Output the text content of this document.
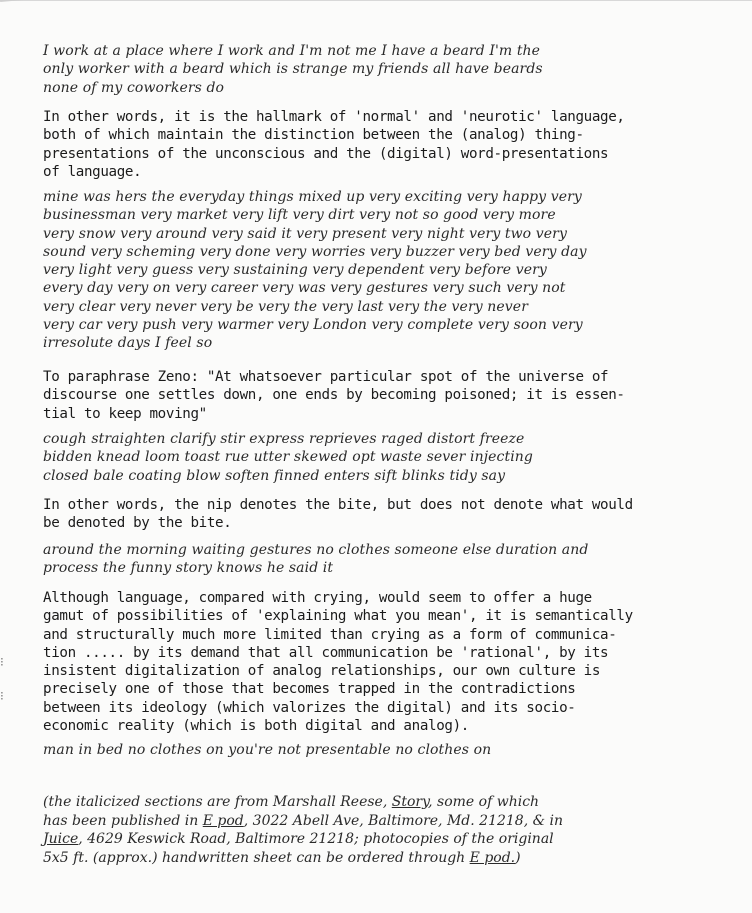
I work at a place where I work and I'm not me I have a beard I'm the
only worker with a beard which is strange my friends all have beards
none of my coworkers do
In other words, it is the hallmark of 'normal' and 'neurotic' language,
both of which maintain the distinction between the (analog) thing-
presentations of the unconscious and the (digital) word-presentations
of language.
mine was hers the everyday things mixed up very exciting very happy very
businessman very market very lift very dirt very not so good very more
very snow very around very said it very present very night very two very
sound very scheming very done very worries very buzzer very bed very day
very light very guess very sustaining very dependent very before very
every day very on very career very was very gestures very such very not
very clear very never very be very the very last very the very never
very car very push very warmer very London very complete very soon very
irresolute days I feel so
To paraphrase Zeno: "At whatsoever particular spot of the universe of
discourse one settles down, one ends by becoming poisoned; it is essen-
tial to keep moving"
cough straighten clarify stir express reprieves raged distort freeze
bidden knead loom toast rue utter skewed opt waste sever injecting
closed bale coating blow soften finned enters sift blinks tidy say
In other words, the nip denotes the bite, but does not denote what would
be denoted by the bite.
around the morning waiting gestures no clothes someone else duration and
process the funny story knows he said it
Although language, compared with crying, would seem to offer a huge
gamut of possibilities of 'explaining what you mean', it is semantically
and structurally much more limited than crying as a form of communica-
tion ..... by its demand that all communication be 'rational', by its
insistent digitalization of analog relationships, our own culture is
precisely one of those that becomes trapped in the contradictions
between its ideology (which valorizes the digital) and its socio-
economic reality (which is both digital and analog).
man in bed no clothes on you're not presentable no clothes on
(the italicized sections are from Marshall Reese, Story, some of which
has been published in E pod, 3022 Abell Ave, Baltimore, Md. 21218, & in
Juice, 4629 Keswick Road, Baltimore 21218; photocopies of the original
5x5 ft. (approx.) handwritten sheet can be ordered through E pod.)
⁝
⁝
